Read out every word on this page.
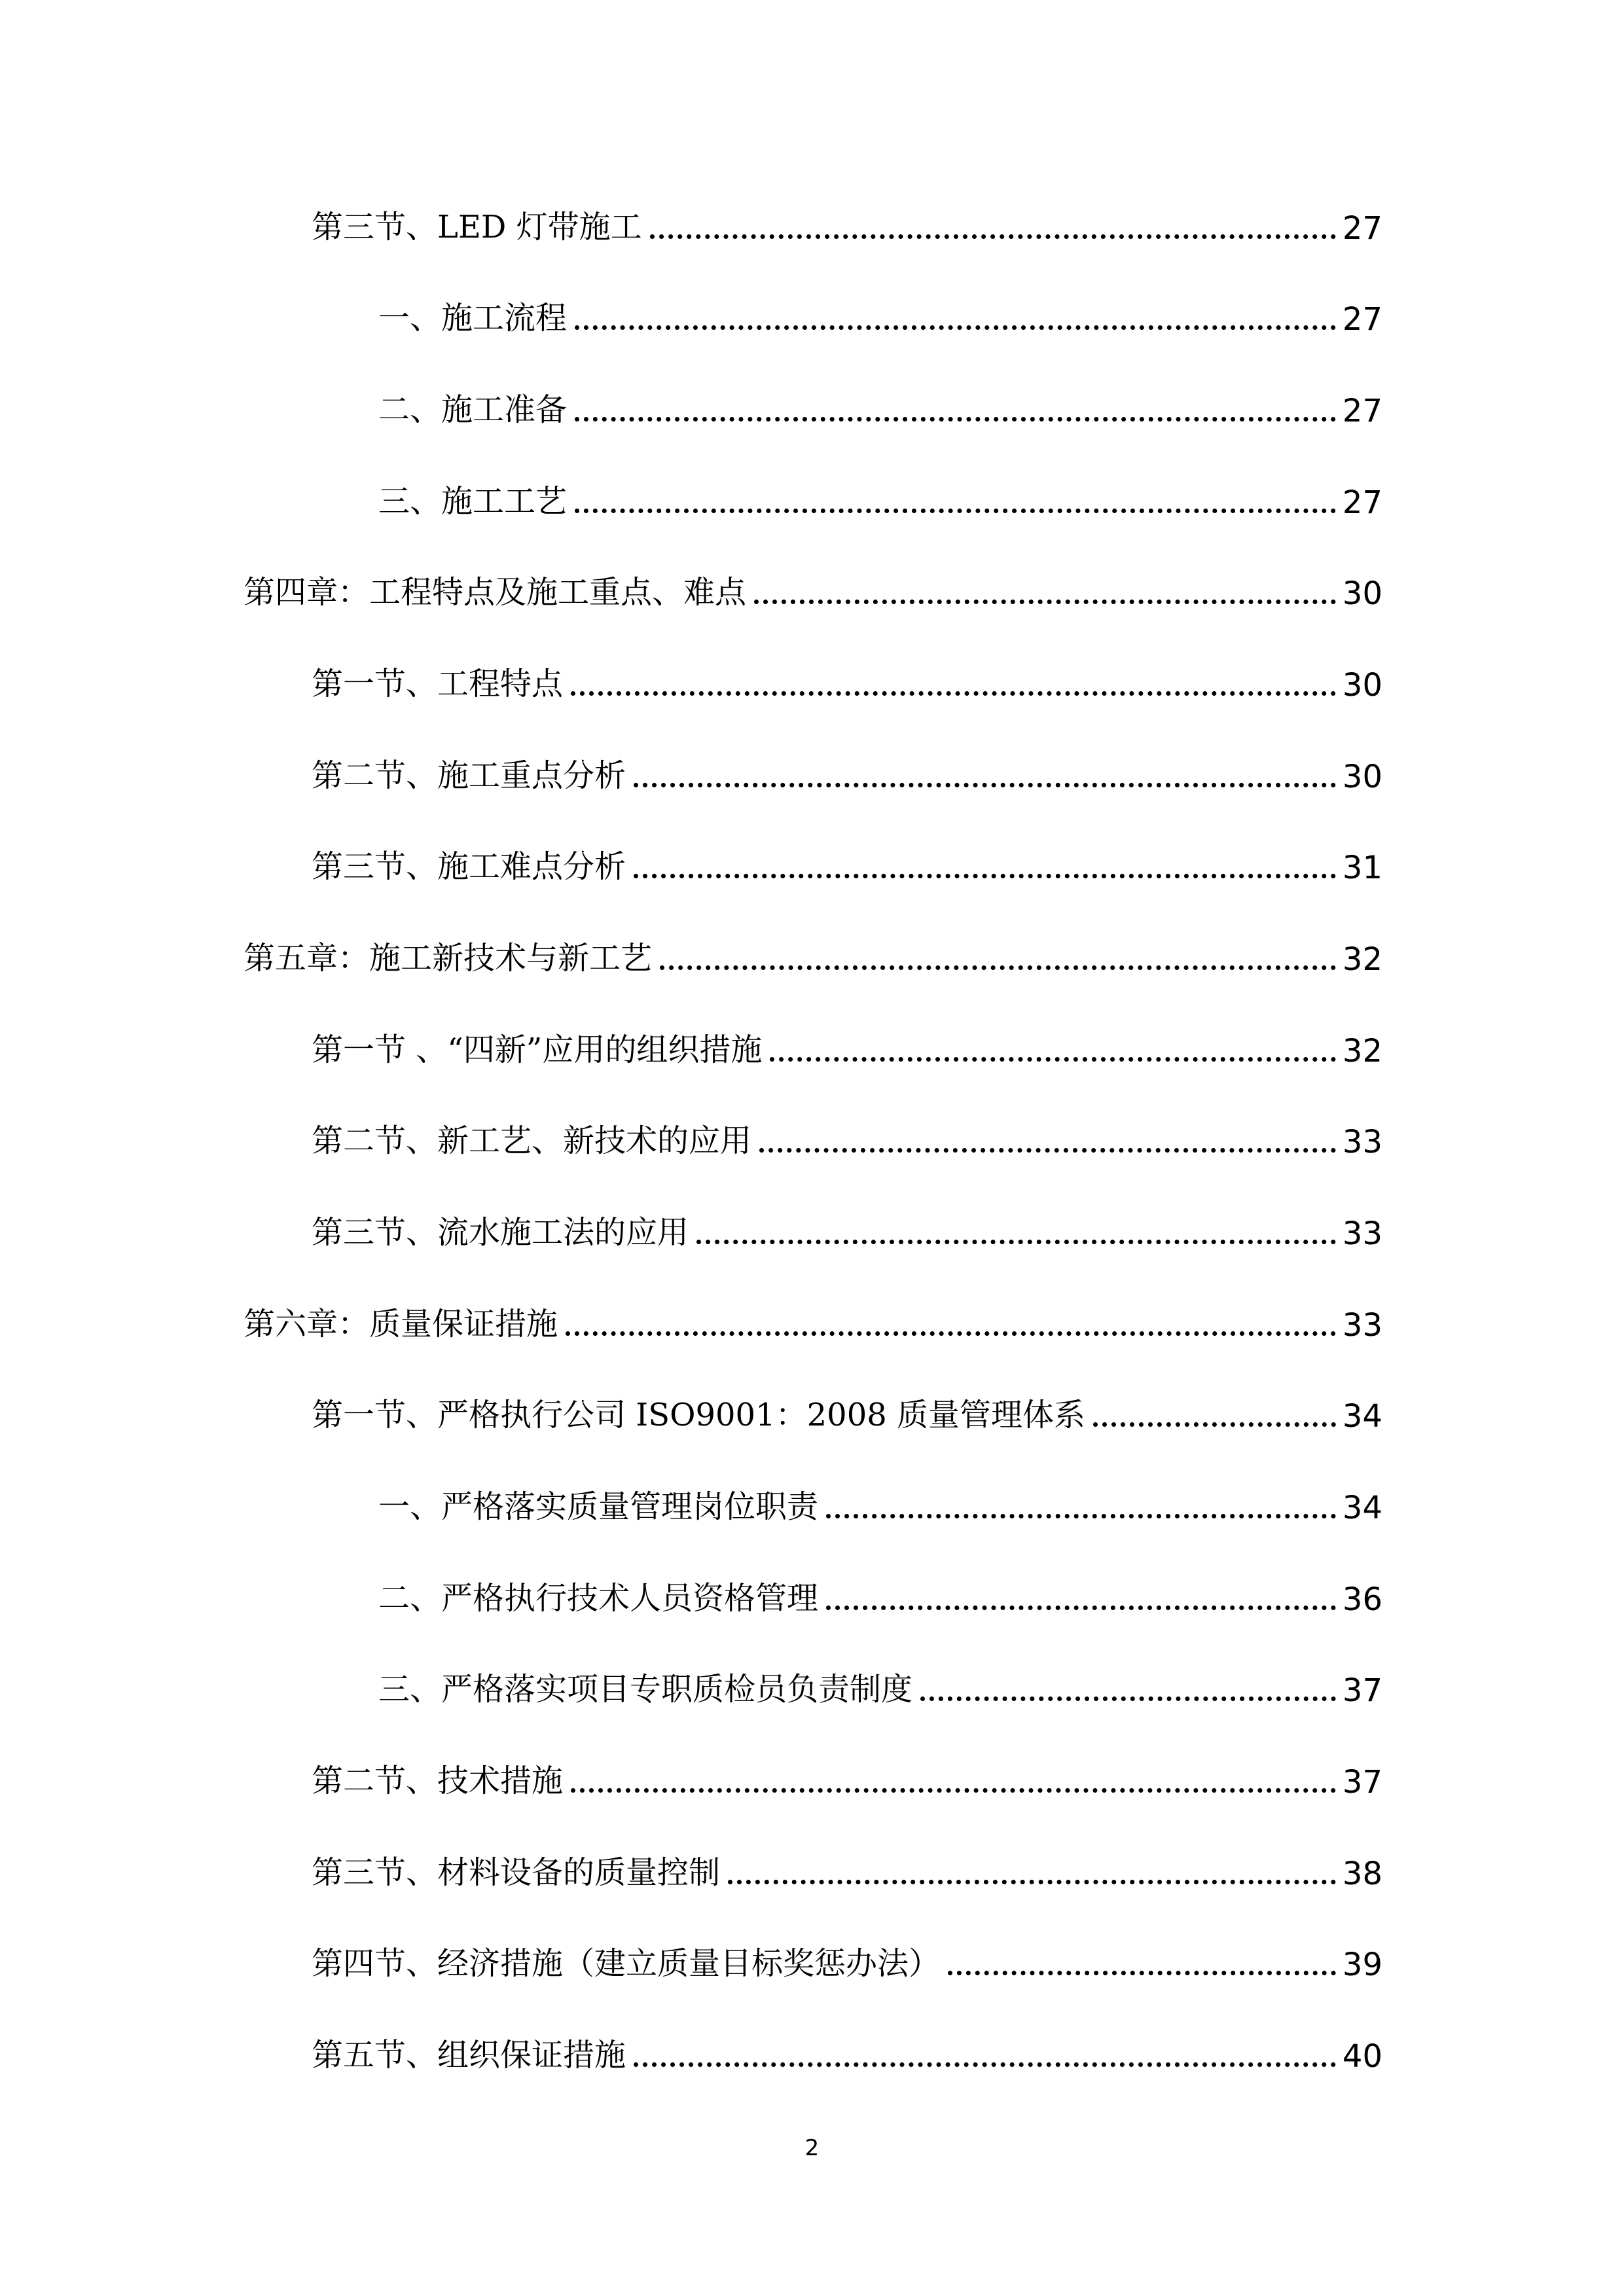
第三节、LED 灯带施工	27
一、施工流程	27
二、施工准备	27
三、施工工艺	27
第四章：工程特点及施工重点、难点	30
第一节、工程特点	30
第二节、施工重点分析	30
第三节、施工难点分析	31
第五章：施工新技术与新工艺	32
第一节 、“四新”应用的组织措施	32
第二节、新工艺、新技术的应用	33
第三节、流水施工法的应用	33
第六章：质量保证措施	33
第一节、严格执行公司 ISO9001：2008 质量管理体系	34
一、严格落实质量管理岗位职责	34
二、严格执行技术人员资格管理	36
三、严格落实项目专职质检员负责制度	37
第二节、技术措施	37
第三节、材料设备的质量控制	38
第四节、经济措施（建立质量目标奖惩办法）	39
第五节、组织保证措施	40
2
